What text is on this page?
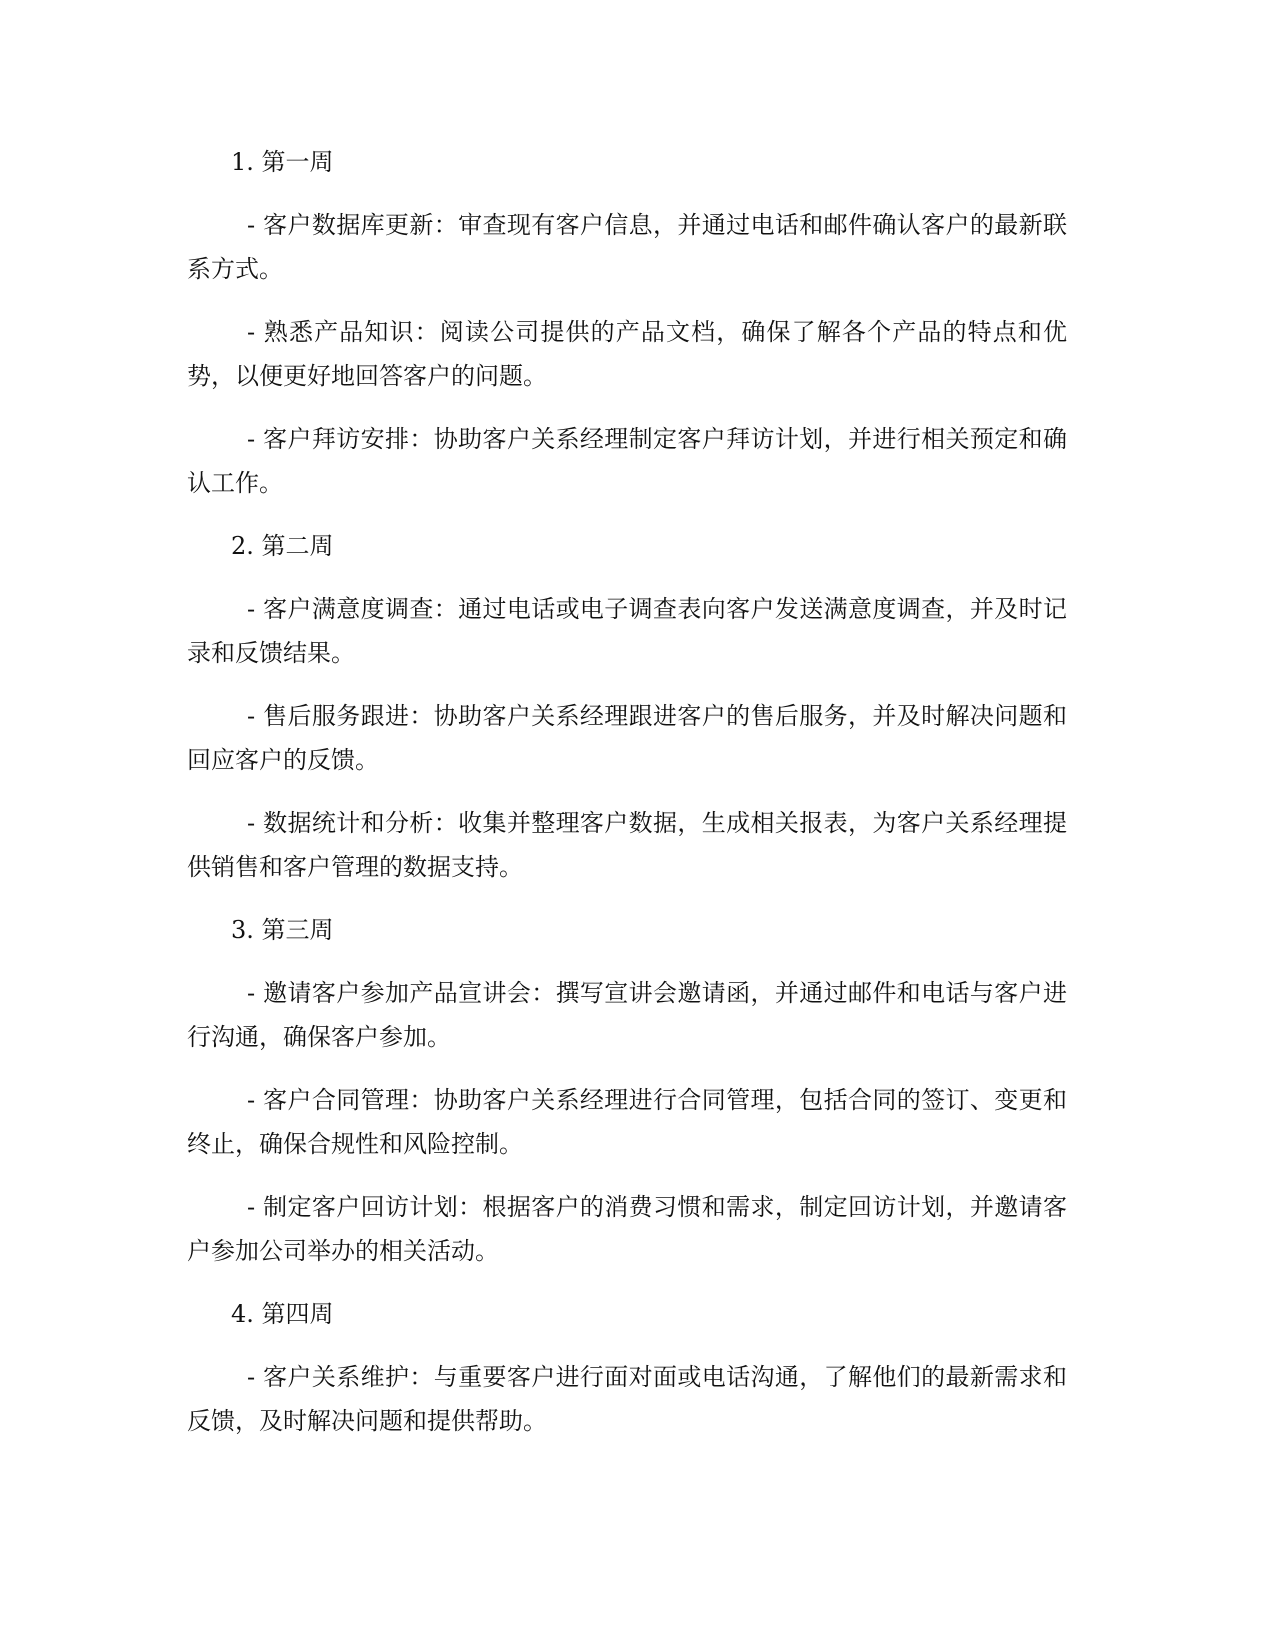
1. 第一周

- 客户数据库更新：审查现有客户信息，并通过电话和邮件确认客户的最新联系方式。

- 熟悉产品知识：阅读公司提供的产品文档，确保了解各个产品的特点和优势，以便更好地回答客户的问题。

- 客户拜访安排：协助客户关系经理制定客户拜访计划，并进行相关预定和确认工作。

2. 第二周

- 客户满意度调查：通过电话或电子调查表向客户发送满意度调查，并及时记录和反馈结果。

- 售后服务跟进：协助客户关系经理跟进客户的售后服务，并及时解决问题和回应客户的反馈。

- 数据统计和分析：收集并整理客户数据，生成相关报表，为客户关系经理提供销售和客户管理的数据支持。

3. 第三周

- 邀请客户参加产品宣讲会：撰写宣讲会邀请函，并通过邮件和电话与客户进行沟通，确保客户参加。

- 客户合同管理：协助客户关系经理进行合同管理，包括合同的签订、变更和终止，确保合规性和风险控制。

- 制定客户回访计划：根据客户的消费习惯和需求，制定回访计划，并邀请客户参加公司举办的相关活动。

4. 第四周

- 客户关系维护：与重要客户进行面对面或电话沟通，了解他们的最新需求和反馈，及时解决问题和提供帮助。
